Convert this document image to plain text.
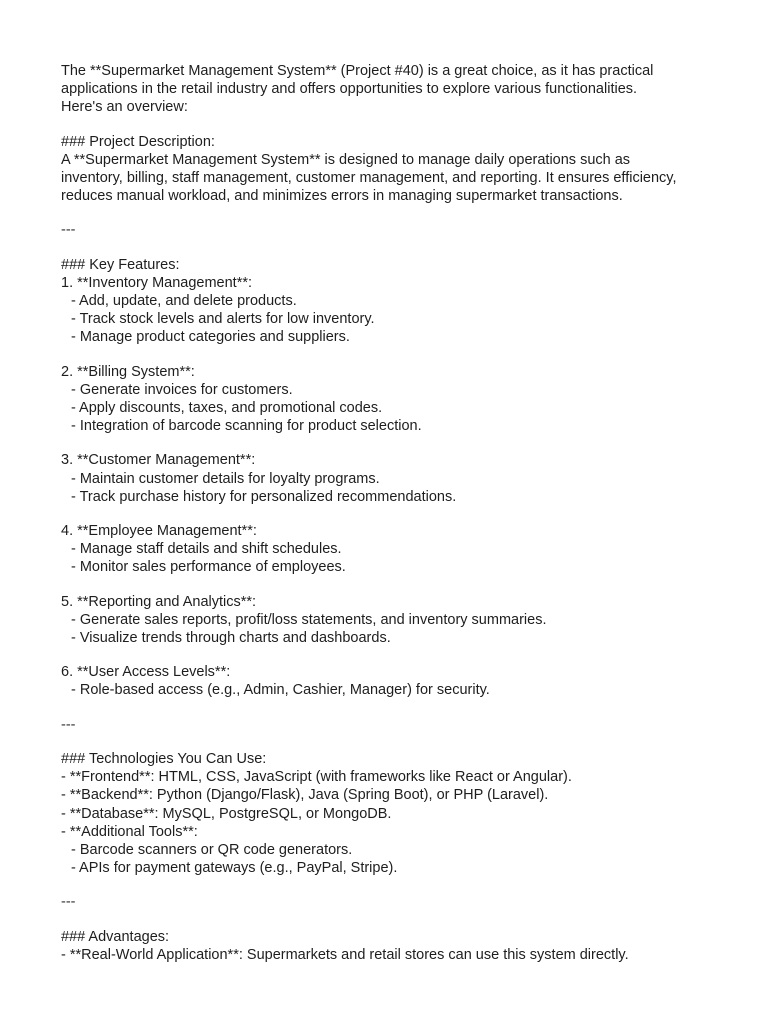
The **Supermarket Management System** (Project #40) is a great choice, as it has practical
applications in the retail industry and offers opportunities to explore various functionalities.
Here's an overview:
### Project Description:
A **Supermarket Management System** is designed to manage daily operations such as
inventory, billing, staff management, customer management, and reporting. It ensures efficiency,
reduces manual workload, and minimizes errors in managing supermarket transactions.
---
### Key Features:
1. **Inventory Management**:
- Add, update, and delete products.
- Track stock levels and alerts for low inventory.
- Manage product categories and suppliers.
2. **Billing System**:
- Generate invoices for customers.
- Apply discounts, taxes, and promotional codes.
- Integration of barcode scanning for product selection.
3. **Customer Management**:
- Maintain customer details for loyalty programs.
- Track purchase history for personalized recommendations.
4. **Employee Management**:
- Manage staff details and shift schedules.
- Monitor sales performance of employees.
5. **Reporting and Analytics**:
- Generate sales reports, profit/loss statements, and inventory summaries.
- Visualize trends through charts and dashboards.
6. **User Access Levels**:
- Role-based access (e.g., Admin, Cashier, Manager) for security.
---
### Technologies You Can Use:
- **Frontend**: HTML, CSS, JavaScript (with frameworks like React or Angular).
- **Backend**: Python (Django/Flask), Java (Spring Boot), or PHP (Laravel).
- **Database**: MySQL, PostgreSQL, or MongoDB.
- **Additional Tools**:
- Barcode scanners or QR code generators.
- APIs for payment gateways (e.g., PayPal, Stripe).
---
### Advantages:
- **Real-World Application**: Supermarkets and retail stores can use this system directly.
